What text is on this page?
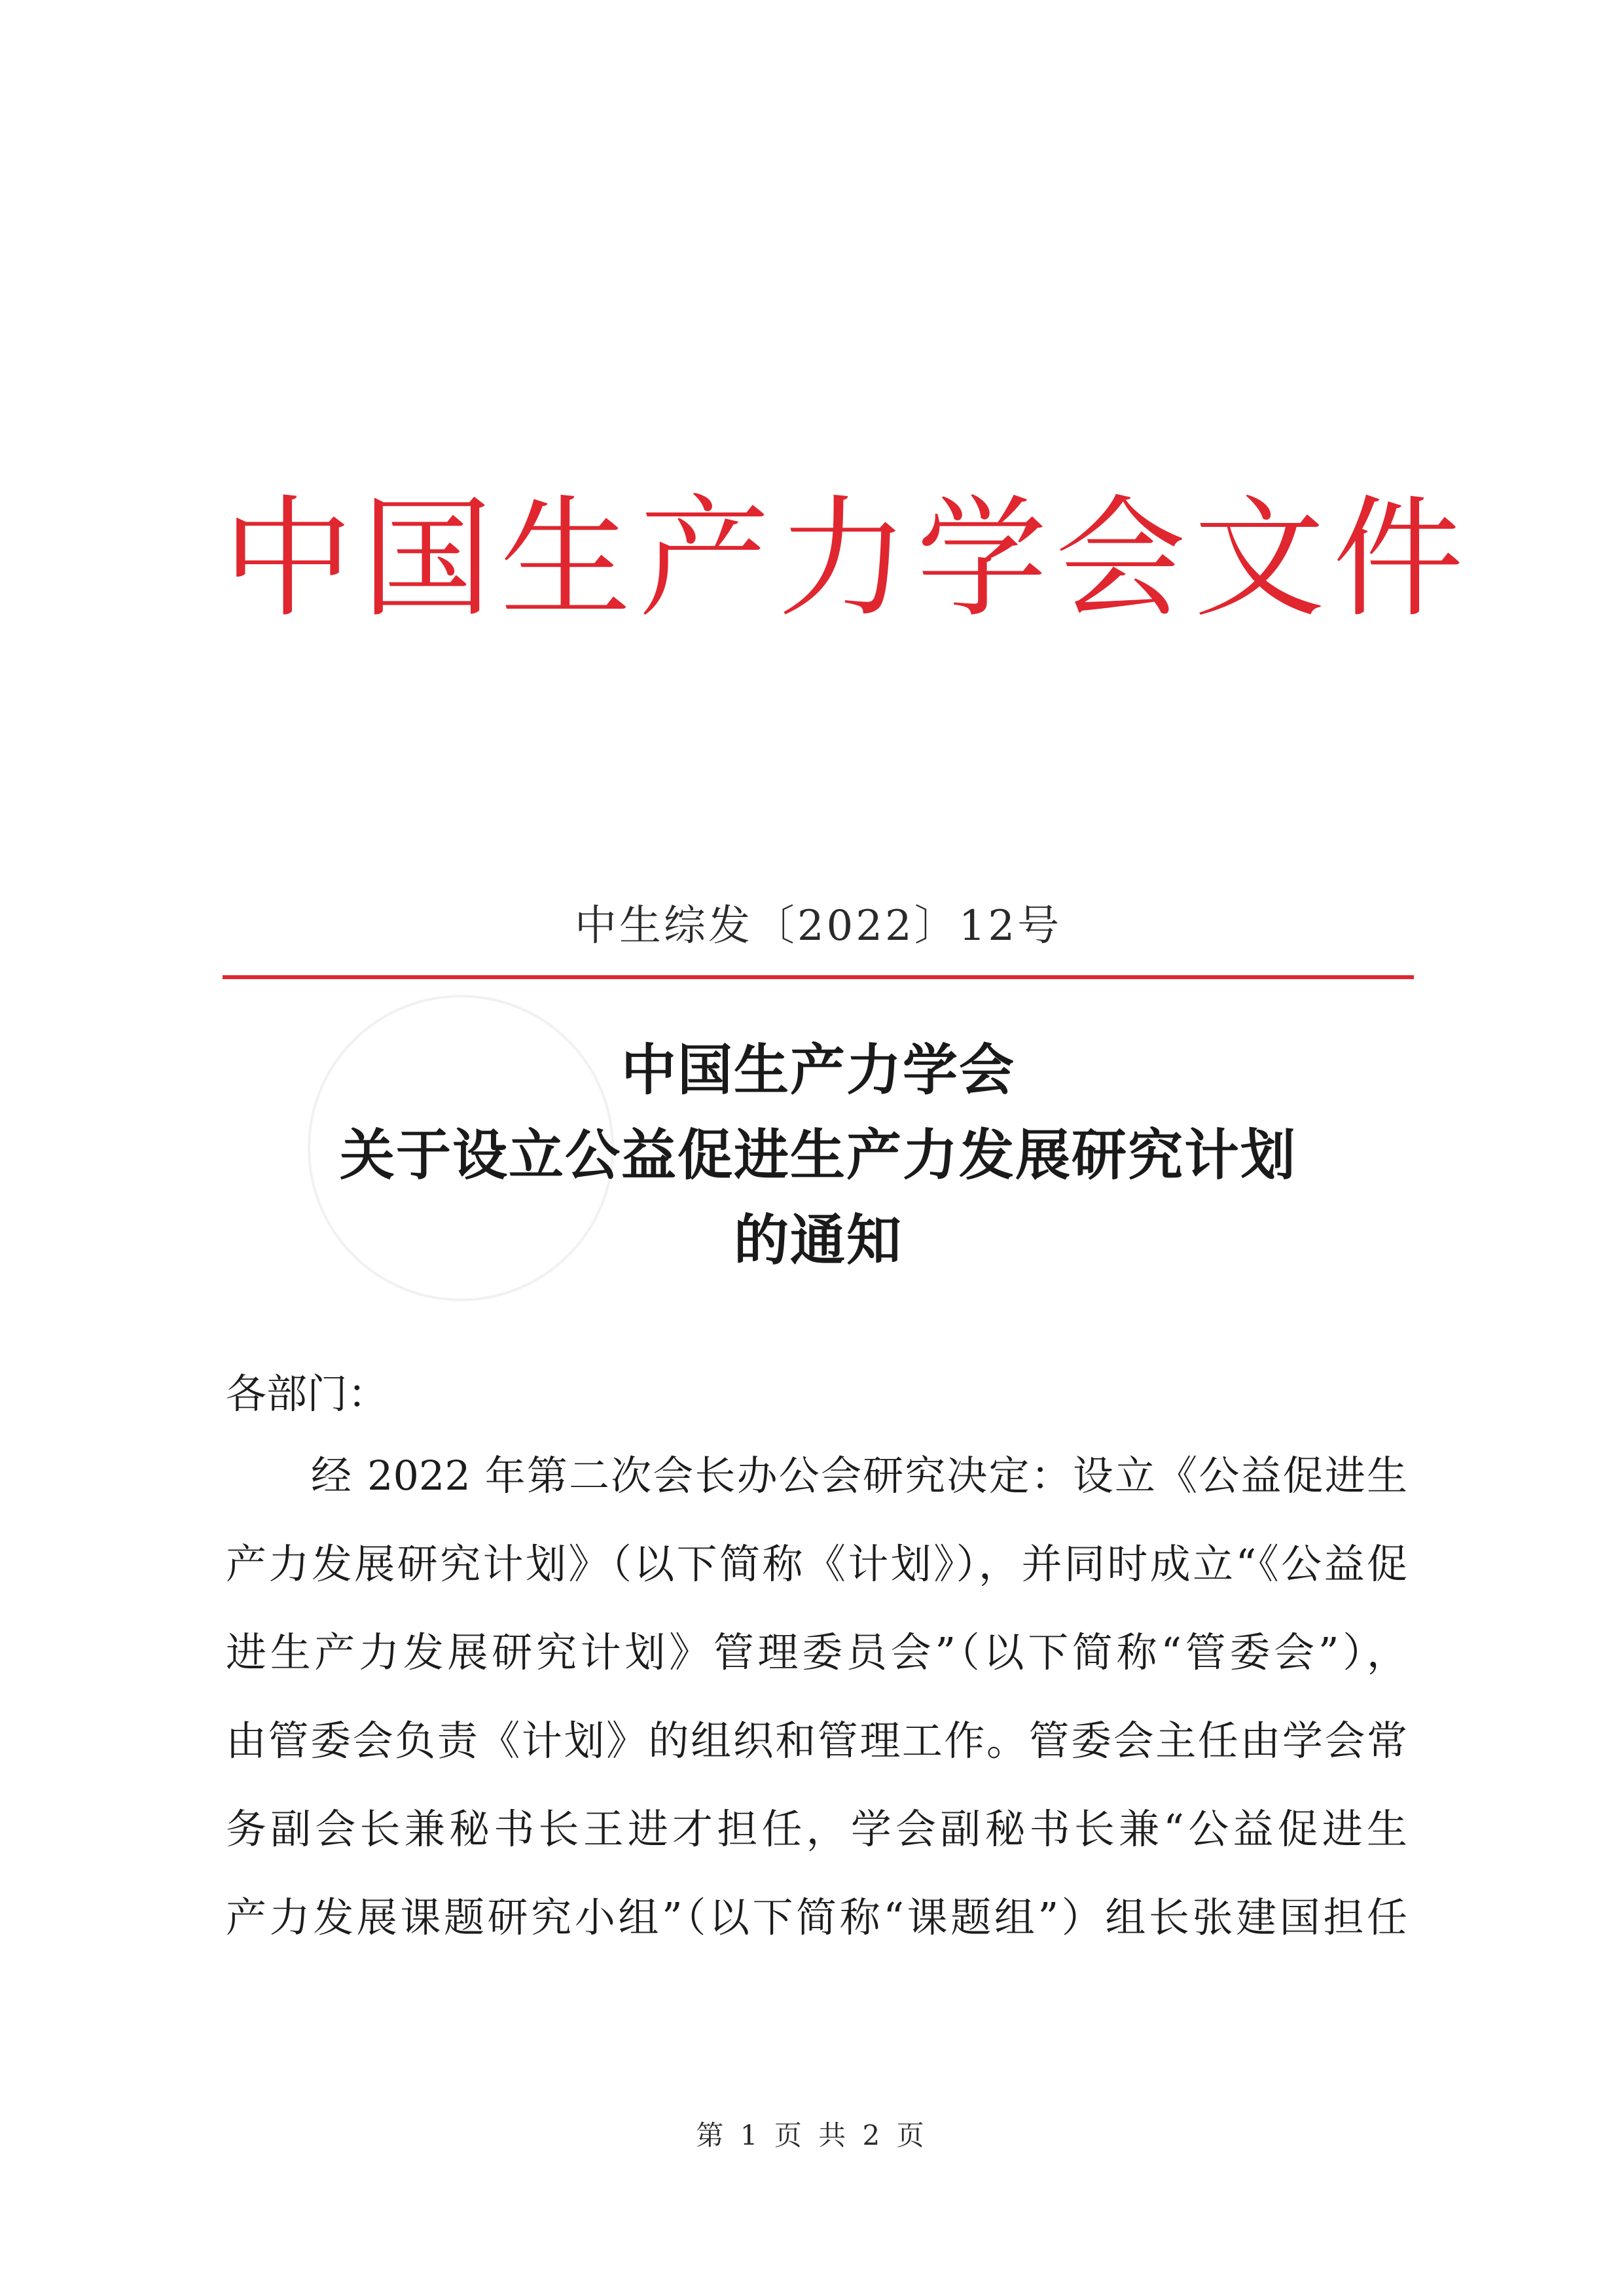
中国生产力学会文件
中生综发〔2022〕12号
中国生产力学会
关于设立公益促进生产力发展研究计划
的通知
各部门：
经 2022 年第二次会长办公会研究决定：设立《公益促进生
产力发展研究计划》（以下简称《计划》），并同时成立“《公益促
进生产力发展研究计划》管理委员会”（以下简称“管委会”），
由管委会负责《计划》的组织和管理工作。管委会主任由学会常
务副会长兼秘书长王进才担任，学会副秘书长兼“公益促进生
产力发展课题研究小组”（以下简称“课题组”）组长张建国担任
第 1 页 共 2 页
